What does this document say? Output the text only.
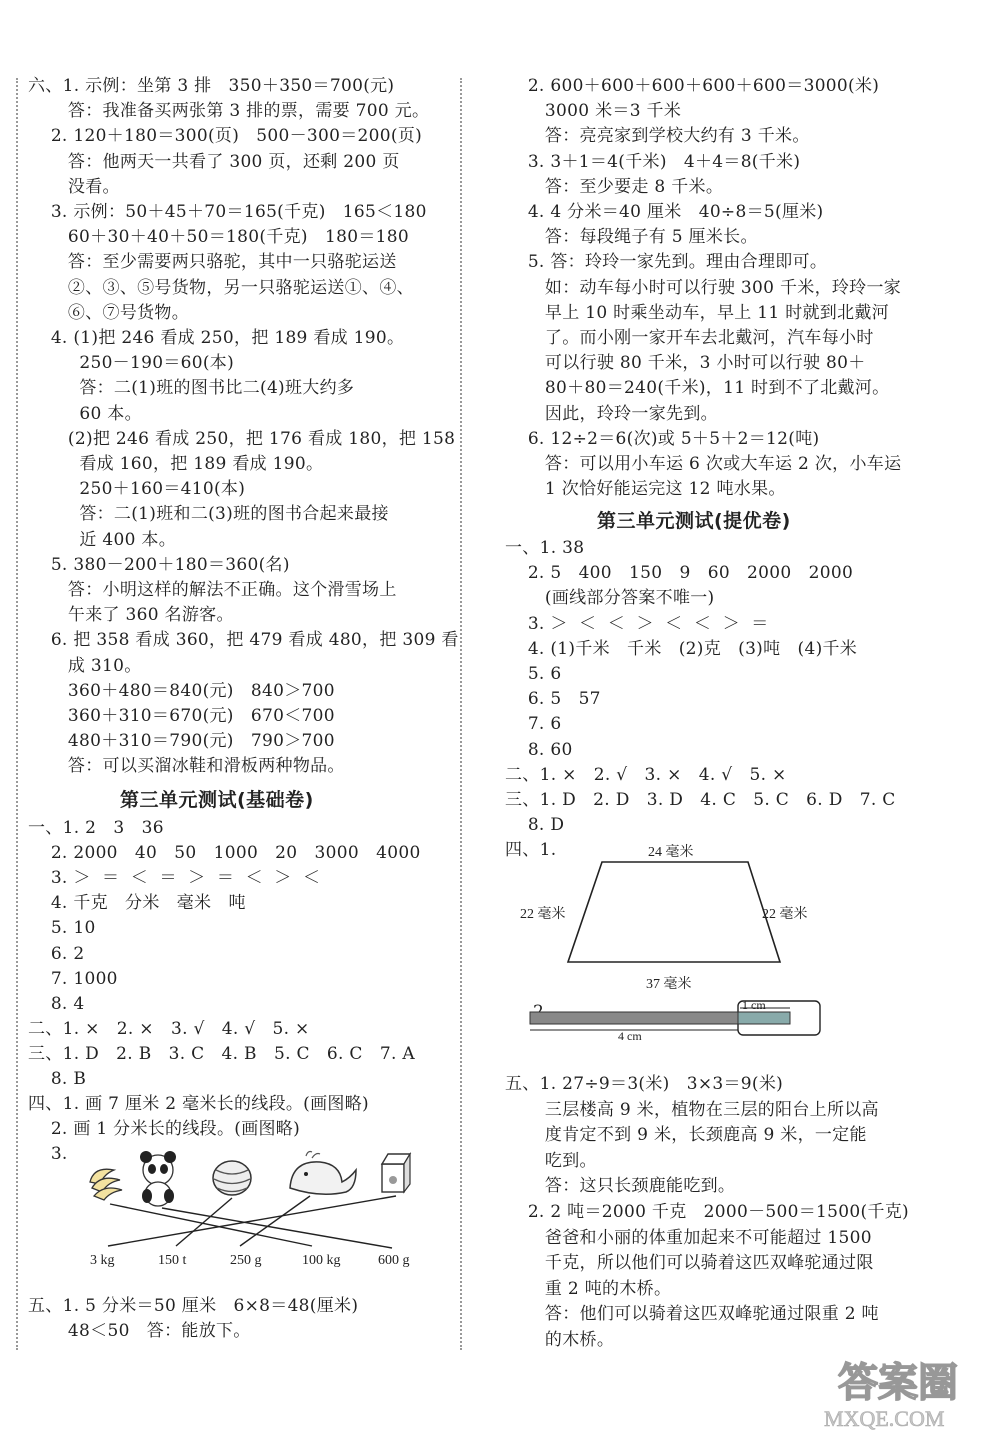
六、1. 示例：坐第 3 排   350＋350＝700(元)
答：我准备买两张第 3 排的票，需要 700 元。
2. 120＋180＝300(页)   500－300＝200(页)
答：他两天一共看了 300 页，还剩 200 页
没看。
3. 示例：50＋45＋70＝165(千克)   165＜180
60＋30＋40＋50＝180(千克)   180＝180
答：至少需要两只骆驼，其中一只骆驼运送
②、③、⑤号货物，另一只骆驼运送①、④、
⑥、⑦号货物。
4. (1)把 246 看成 250，把 189 看成 190。
250－190＝60(本)
答：二(1)班的图书比二(4)班大约多
60 本。
(2)把 246 看成 250，把 176 看成 180，把 158
看成 160，把 189 看成 190。
250＋160＝410(本)
答：二(1)班和二(3)班的图书合起来最接
近 400 本。
5. 380－200＋180＝360(名)
答：小明这样的解法不正确。这个滑雪场上
午来了 360 名游客。
6. 把 358 看成 360，把 479 看成 480，把 309 看
成 310。
360＋480＝840(元)   840＞700
360＋310＝670(元)   670＜700
480＋310＝790(元)   790＞700
答：可以买溜冰鞋和滑板两种物品。
第三单元测试(基础卷)
一、1. 2   3   36
2. 2000   40   50   1000   20   3000   4000
3. ＞  ＝  ＜  ＝  ＞  ＝  ＜  ＞  ＜
4. 千克   分米   毫米   吨
5. 10
6. 2
7. 1000
8. 4
二、1. ×   2. ×   3. √   4. √   5. ×
三、1. D   2. B   3. C   4. B   5. C   6. C   7. A
8. B
四、1. 画 7 厘米 2 毫米长的线段。(画图略)
2. 画 1 分米长的线段。(画图略)
3.
2. 600＋600＋600＋600＋600＝3000(米)
3000 米＝3 千米
答：亮亮家到学校大约有 3 千米。
3. 3＋1＝4(千米)   4＋4＝8(千米)
答：至少要走 8 千米。
4. 4 分米＝40 厘米   40÷8＝5(厘米)
答：每段绳子有 5 厘米长。
5. 答：玲玲一家先到。理由合理即可。
如：动车每小时可以行驶 300 千米，玲玲一家
早上 10 时乘坐动车，早上 11 时就到北戴河
了。而小刚一家开车去北戴河，汽车每小时
可以行驶 80 千米，3 小时可以行驶 80＋
80＋80＝240(千米)，11 时到不了北戴河。
因此，玲玲一家先到。
6. 12÷2＝6(次)或 5＋5＋2＝12(吨)
答：可以用小车运 6 次或大车运 2 次，小车运
1 次恰好能运完这 12 吨水果。
第三单元测试(提优卷)
一、1. 38
2. 5   400   150   9   60   2000   2000
(画线部分答案不唯一)
3. ＞  ＜  ＜  ＞  ＜  ＜  ＞  ＝
4. (1)千米   千米   (2)克   (3)吨   (4)千米
5. 6
6. 5   57
7. 6
8. 60
二、1. ×   2. √   3. ×   4. √   5. ×
三、1. D   2. D   3. D   4. C   5. C   6. D   7. C
8. D
四、1.
五、1. 5 分米＝50 厘米   6×8＝48(厘米)
48＜50   答：能放下。
3 kg	150 t	250 g	100 kg	600 g
24 毫米
22 毫米	22 毫米
37 毫米
1 cm
4 cm
五、1. 27÷9＝3(米)   3×3＝9(米)
三层楼高 9 米，植物在三层的阳台上所以高
度肯定不到 9 米，长颈鹿高 9 米，一定能
吃到。
答：这只长颈鹿能吃到。
2. 2 吨＝2000 千克   2000－500＝1500(千克)
爸爸和小丽的体重加起来不可能超过 1500
千克，所以他们可以骑着这匹双峰驼通过限
重 2 吨的木桥。
答：他们可以骑着这匹双峰驼通过限重 2 吨
的木桥。
答案圈
MXQE.COM
